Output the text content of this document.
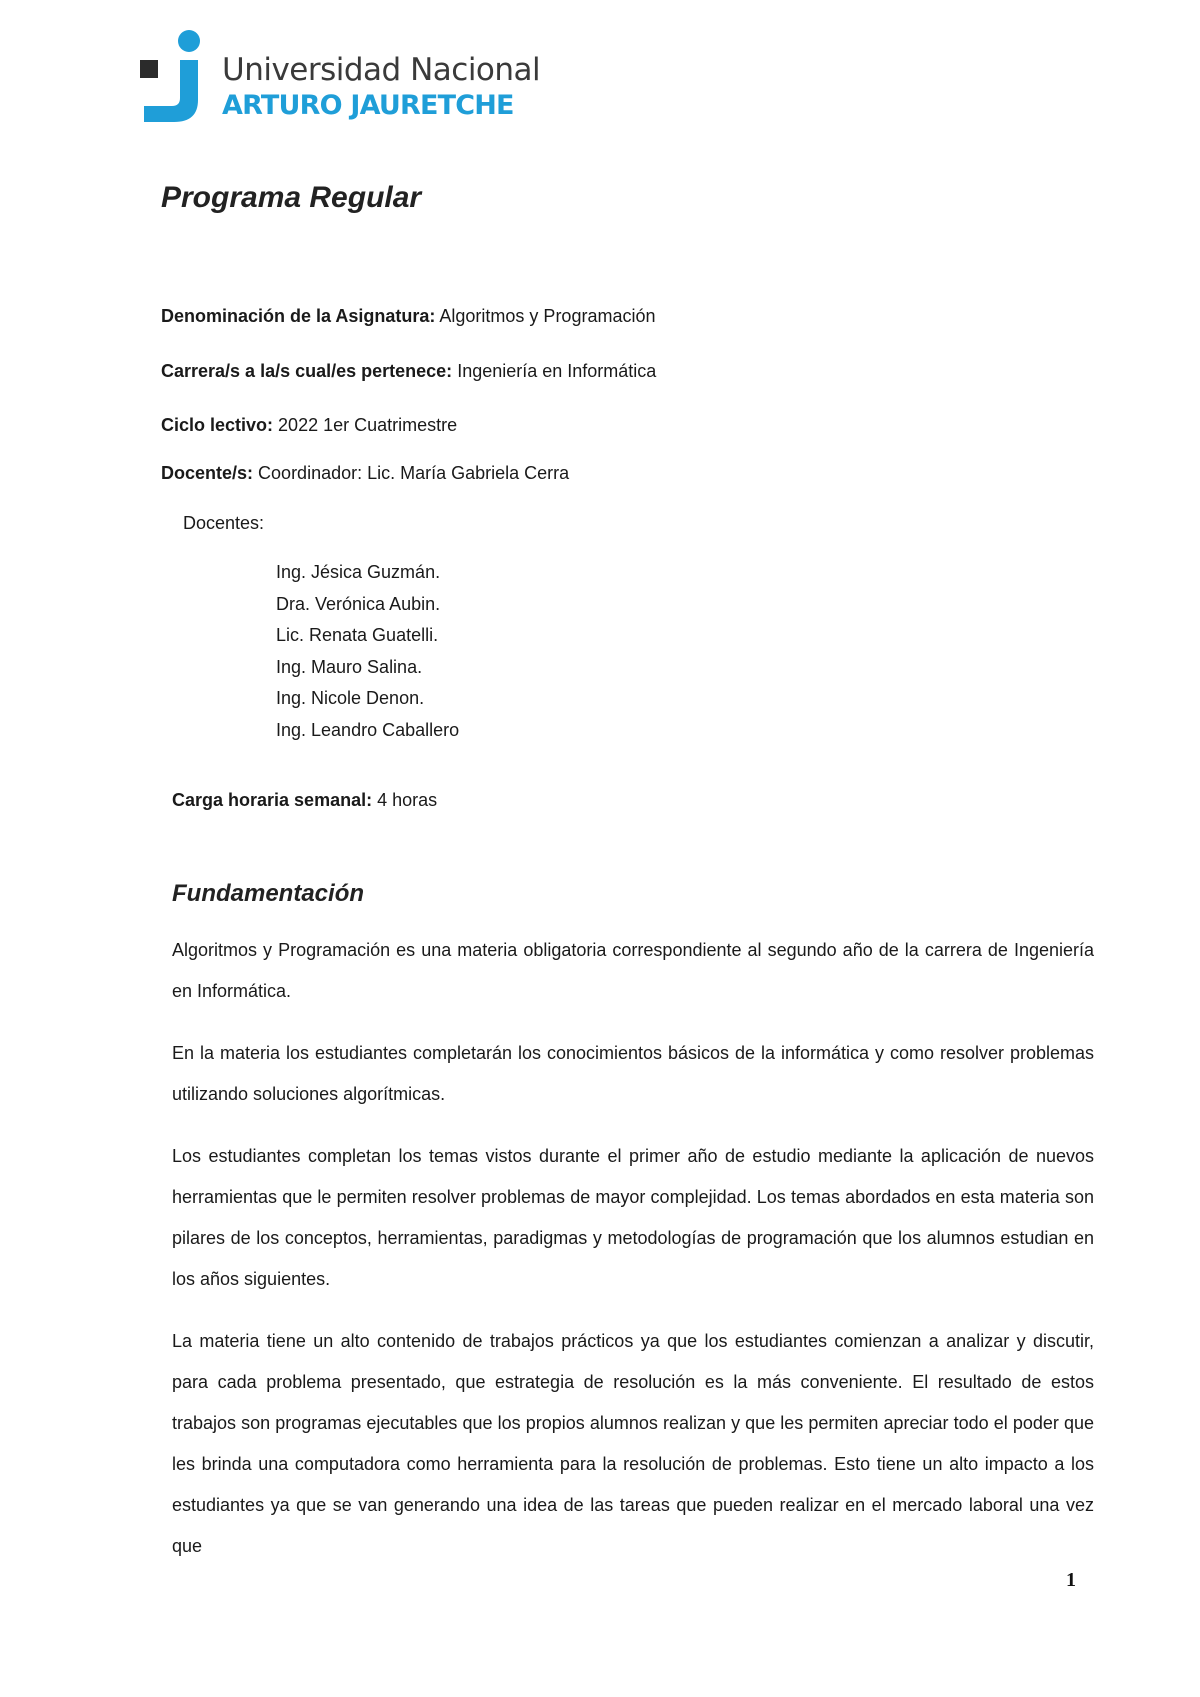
Universidad Nacional
ARTURO JAURETCHE
Programa Regular
Denominación de la Asignatura: Algoritmos y Programación
Carrera/s a la/s cual/es pertenece: Ingeniería en Informática
Ciclo lectivo: 2022 1er Cuatrimestre
Docente/s: Coordinador: Lic. María Gabriela Cerra
Docentes:
Ing. Jésica Guzmán.
Dra. Verónica Aubin.
Lic. Renata Guatelli.
Ing. Mauro Salina.
Ing. Nicole Denon.
Ing. Leandro Caballero
Carga horaria semanal: 4 horas
Fundamentación

Algoritmos y Programación es una materia obligatoria correspondiente al segundo año de la carrera de Ingeniería en Informática.

En la materia los estudiantes completarán los conocimientos básicos de la informática y como resolver problemas utilizando soluciones algorítmicas.

Los estudiantes completan los temas vistos durante el primer año de estudio mediante la aplicación de nuevos herramientas que le permiten resolver problemas de mayor complejidad. Los temas abordados en esta materia son pilares de los conceptos, herramientas, paradigmas y metodologías de programación que los alumnos estudian en los años siguientes.

La materia tiene un alto contenido de trabajos prácticos ya que los estudiantes comienzan a analizar y discutir, para cada problema presentado, que estrategia de resolución es la más conveniente. El resultado de estos trabajos son programas ejecutables que los propios alumnos realizan y que les permiten apreciar todo el poder que les brinda una computadora como herramienta para la resolución de problemas. Esto tiene un alto impacto a los estudiantes ya que se van generando una idea de las tareas que pueden realizar en el mercado laboral una vez que

1
